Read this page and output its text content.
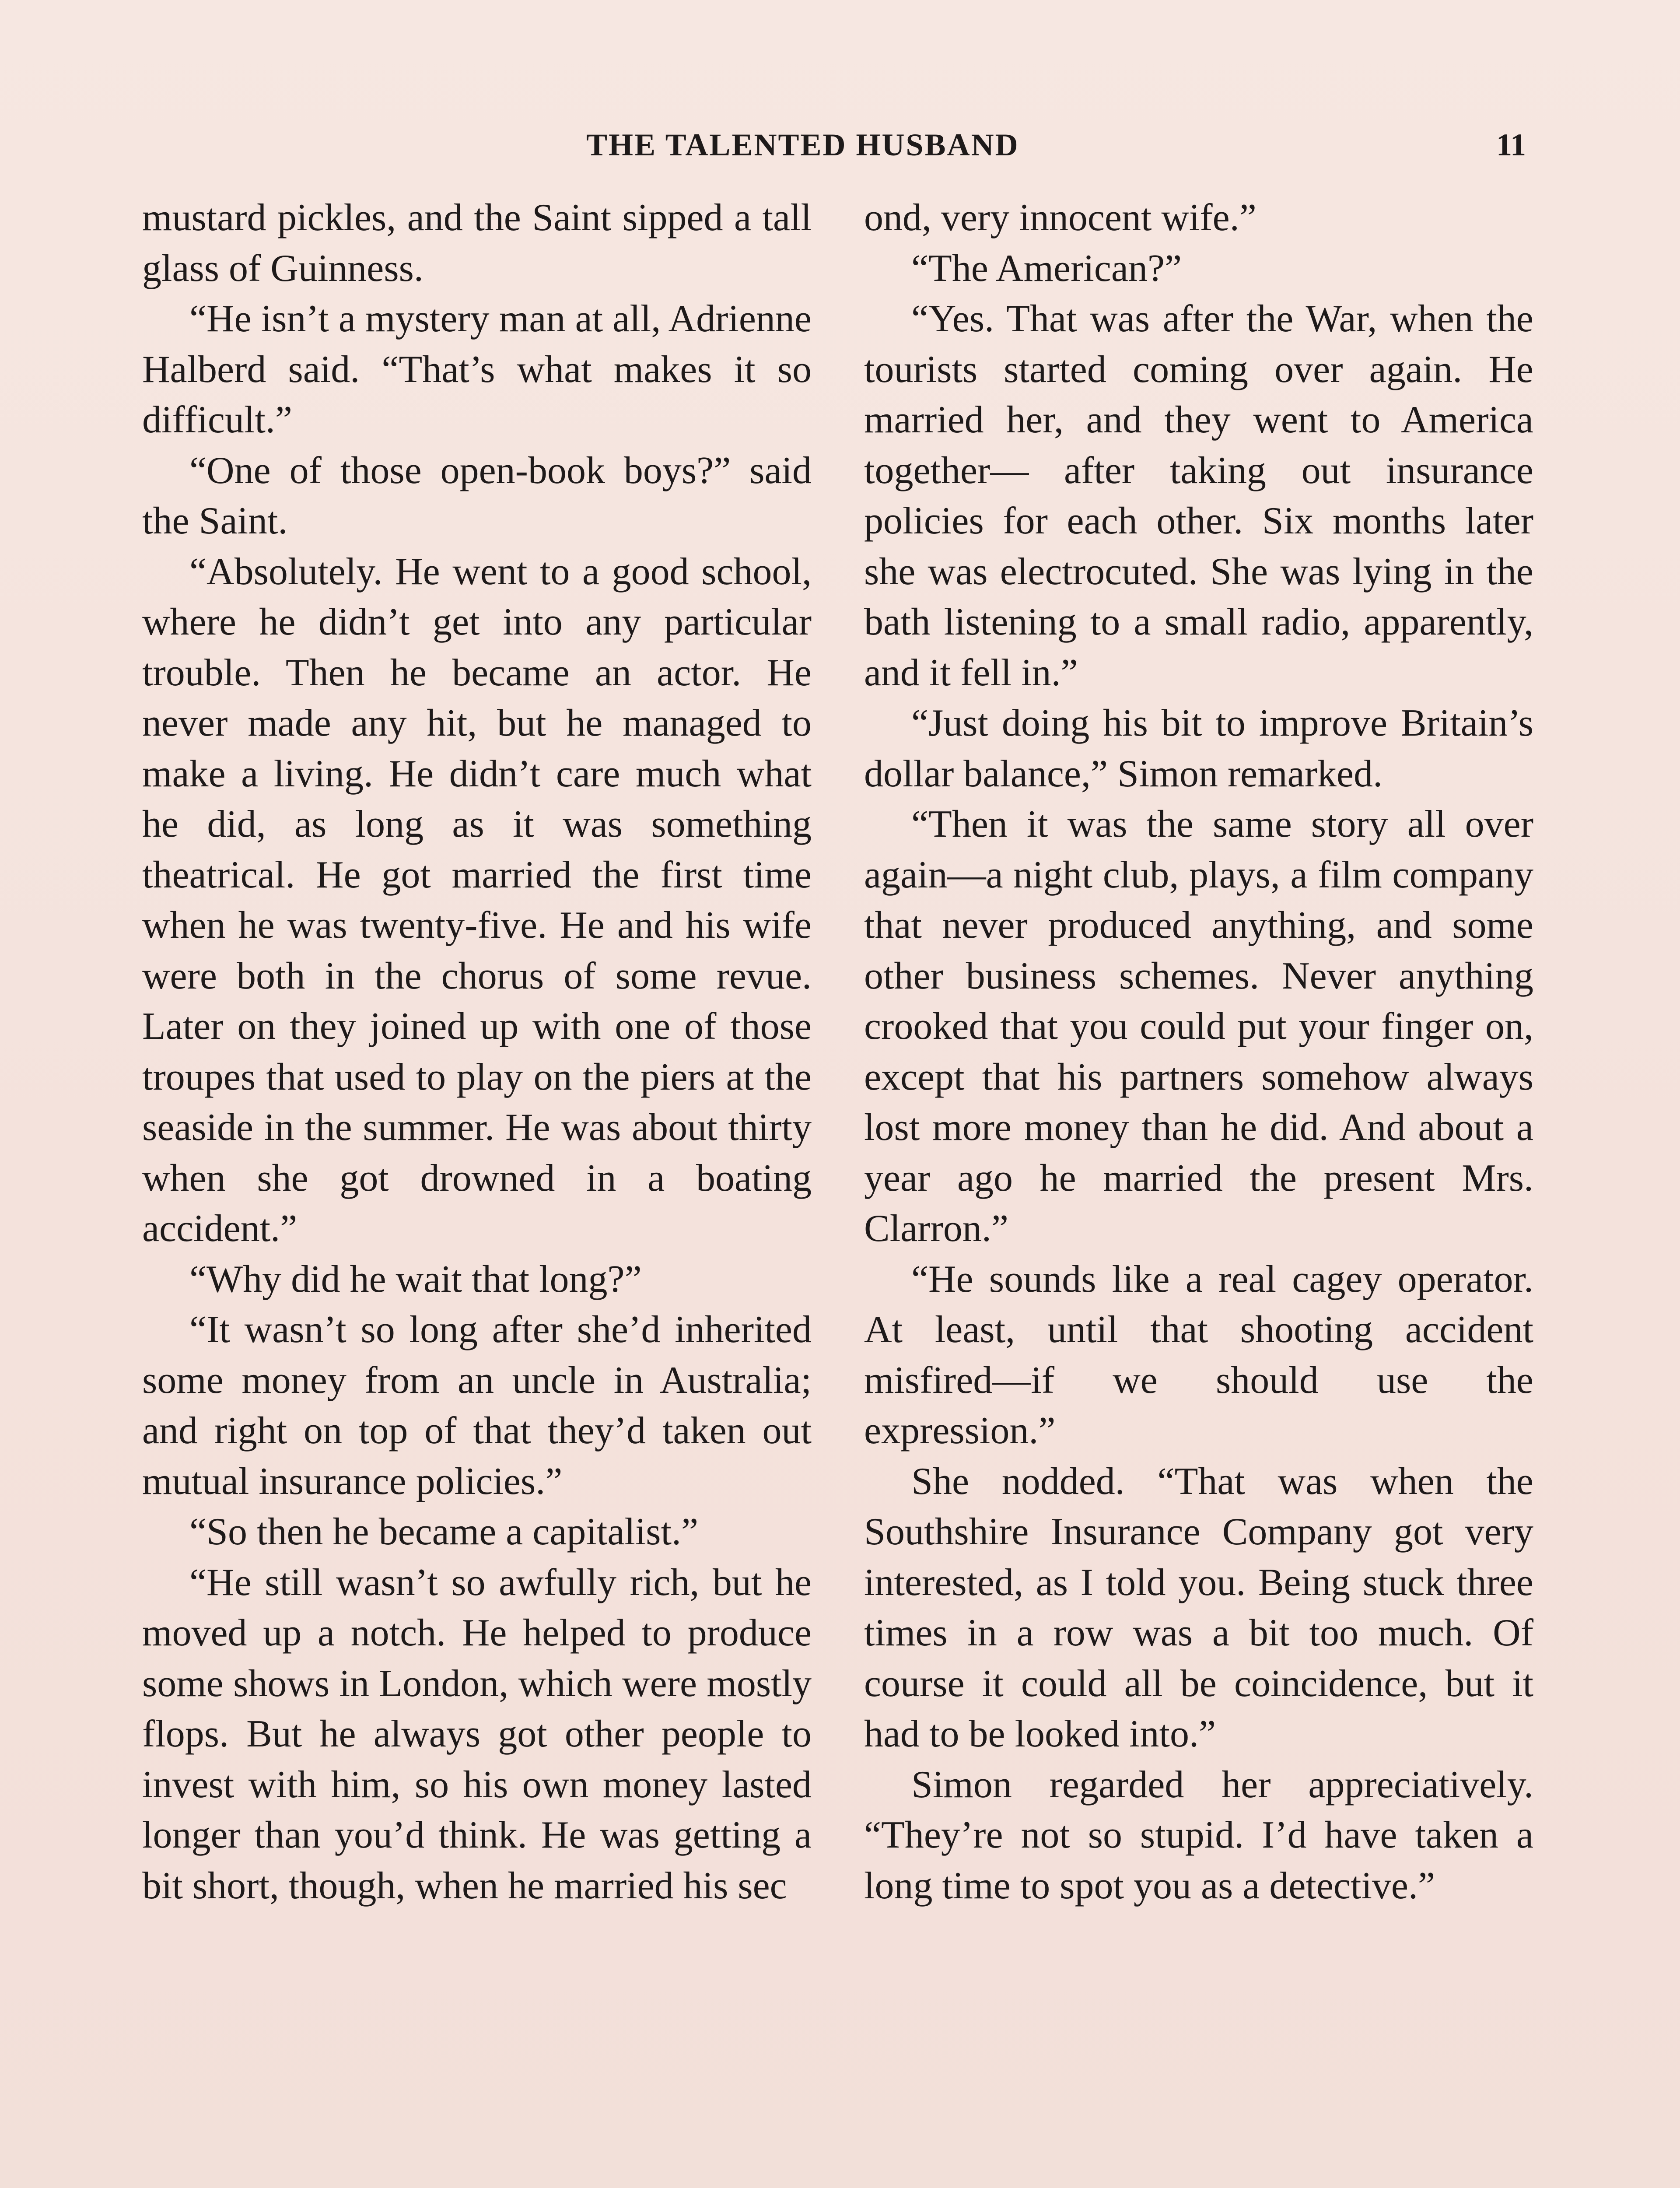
THE TALENTED HUSBAND	11

mustard pickles, and the Saint sipped a tall glass of Guinness.

“He isn’t a mystery man at all, Adrienne Halberd said. “That’s what makes it so difficult.”

“One of those open-book boys?” said the Saint.

“Absolutely. He went to a good school, where he didn’t get into any particular trouble. Then he became an actor. He never made any hit, but he managed to make a living. He didn’t care much what he did, as long as it was something theatrical. He got married the first time when he was twenty-five. He and his wife were both in the chorus of some revue. Later on they joined up with one of those troupes that used to play on the piers at the seaside in the summer. He was about thirty when she got drowned in a boating accident.”

“Why did he wait that long?”

“It wasn’t so long after she’d inherited some money from an uncle in Australia; and right on top of that they’d taken out mutual insurance policies.”

“So then he became a capitalist.”

“He still wasn’t so awfully rich, but he moved up a notch. He helped to produce some shows in London, which were mostly flops. But he always got other people to invest with him, so his own money lasted longer than you’d think. He was getting a bit short, though, when he married his sec

ond, very innocent wife.”

“The American?”

“Yes. That was after the War, when the tourists started coming over again. He married her, and they went to America together— after taking out insurance policies for each other. Six months later she was electrocuted. She was lying in the bath listening to a small radio, apparently, and it fell in.”

“Just doing his bit to improve Britain’s dollar balance,” Simon remarked.

“Then it was the same story all over again—a night club, plays, a film company that never produced anything, and some other business schemes. Never anything crooked that you could put your finger on, except that his partners somehow always lost more money than he did. And about a year ago he married the present Mrs. Clarron.”

“He sounds like a real cagey operator. At least, until that shooting accident misfired—if we should use the expression.”

She nodded. “That was when the Southshire Insurance Company got very interested, as I told you. Being stuck three times in a row was a bit too much. Of course it could all be coincidence, but it had to be looked into.”

Simon regarded her appreciatively. “They’re not so stupid. I’d have taken a long time to spot you as a detective.”
